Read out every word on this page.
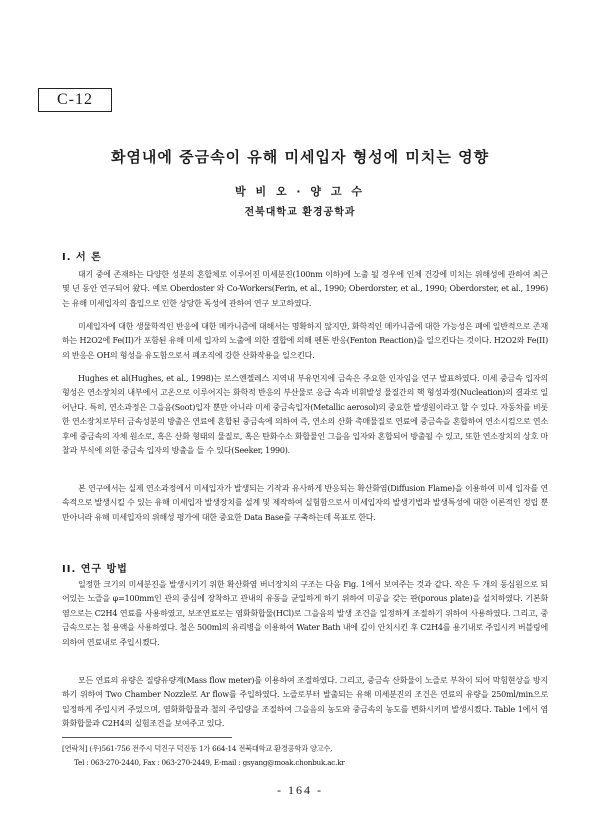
C-12
화염내에 중금속이 유해 미세입자 형성에 미치는 영향
박 비 오 · 양 고 수
전북대학교 환경공학과
I. 서 론

대기 중에 존재하는 다양한 성분의 혼합체로 이루어진 미세분진(100nm 이하)에 노출 될 경우에 인체 건강에 미치는 위해성에 관하여 최근 몇 년 동안 연구되어 왔다. 예로 Oberdoster 와 Co-Workers(Ferin, et al., 1990; Oberdorster, et al., 1990; Oberdorster, et al., 1996)는 유해 미세입자의 흡입으로 인한 상당한 독성에 관하여 연구 보고하였다.

미세입자에 대한 생물학적인 반응에 대한 메카니즘에 대해서는 명확하지 않지만, 화학적인 메카니즘에 대한 가능성은 폐에 일반적으로 존재하는 H2O2에 Fe(II)가 포함된 유해 미세 입자의 노출에 의한 결합에 의해 펜톤 반응(Fenton Reaction)을 일으킨다는 것이다. H2O2와 Fe(II)의 반응은 OH의 형성을 유도함으로서 폐조직에 강한 산화작용을 일으킨다.

Hughes et al(Hughes, et al., 1998)는 로스엔젤레스 지역내 부유먼지에 금속은 주요한 인자임을 연구 발표하였다. 미세 중금속 입자의 형성은 연소장치의 내부에서 고온으로 이루어지는 화학적 반응의 부산물로 응급 속과 비휘발성 물질간의 핵 형성과정(Nucleation)의 결과로 일어난다. 특히, 연소과정은 그을음(Soot)입자 뿐만 아니라 미세 중금속입자(Metallic aerosol)의 중요한 발생원이라고 할 수 있다. 자동차를 비롯한 연소장치로부터 금속성분의 방출은 연료에 혼합된 중금속에 의하여 즉, 연소의 산화 촉매물질로 연료에 중금속을 혼합하여 연소시킴으로 연소 후에 중금속의 자체 원소로, 혹은 산화 형태의 물질로, 혹은 탄화수소 화합물인 그을음 입자와 혼합되어 방출될 수 있고, 또한 연소장치의 상호 마찰과 부식에 의한 중금속 입자의 방출을 들 수 있다(Seeker, 1990).

본 연구에서는 실제 연소과정에서 미세입자가 발생되는 기작과 유사하게 반응되는 확산화염(Diffusion Flame)을 이용하여 미세 입자를 연속적으로 발생시킬 수 있는 유해 미세입자 발생장치를 설계 및 제작하여 실험함으로서 미세입자의 발생기법과 발생특성에 대한 이론적인 정립 뿐만아니라 유해 미세입자의 위해성 평가에 대한 중요한 Data Base를 구축하는데 목표로 한다.

II. 연구 방법

일정한 크기의 미세분진을 발생시키기 위한 확산화염 버너장치의 구조는 다음 Fig. 1에서 보여주는 것과 같다. 작은 두 개의 동심원으로 되어있는 노즐을 φ=100mm인 관의 중심에 장착하고 관내의 유동을 균일하게 하기 위하여 미공을 갖는 판(porous plate)을 설치하였다. 기본화염으로는 C2H4 연료를 사용하였고, 보조연료로는 염화화합물(HCl)로 그을음의 발생 조건을 일정하게 조절하기 위하여 사용하였다. 그리고, 중금속으로는 철 용액을 사용하였다. 철은 500ml의 유리병을 이용하여 Water Bath 내에 깊이 안치시킨 후 C2H4를 용기내로 주입시켜 버블링에 의하여 연료내로 주입시켰다.

모든 연료의 유량은 질량유량계(Mass flow meter)를 이용하여 조절하였다. 그리고, 중금속 산화물이 노즐로 부착이 되어 막힘현상을 방지하기 위하여 Two Chamber Nozzle로 Ar flow를 주입하였다. 노즐로부터 발출되는 유해 미세분진의 조건은 연료의 유량을 250ml/min으로 일정하게 주입시켜 주었으며, 염화화합물과 철의 주입량을 조절하여 그을음의 농도와 중금속의 농도를 변화시키며 발생시켰다. Table 1에서 염화화합물과 C2H4의 실험조건을 보여주고 있다.

[연락처] (우)561-756 전주시 덕진구 덕진동 1가 664-14 전북대학교 환경공학과 양고수,
Tel : 063-270-2440, Fax : 063-270-2449, E-mail : gsyang@moak.chonbuk.ac.kr
- 164 -
